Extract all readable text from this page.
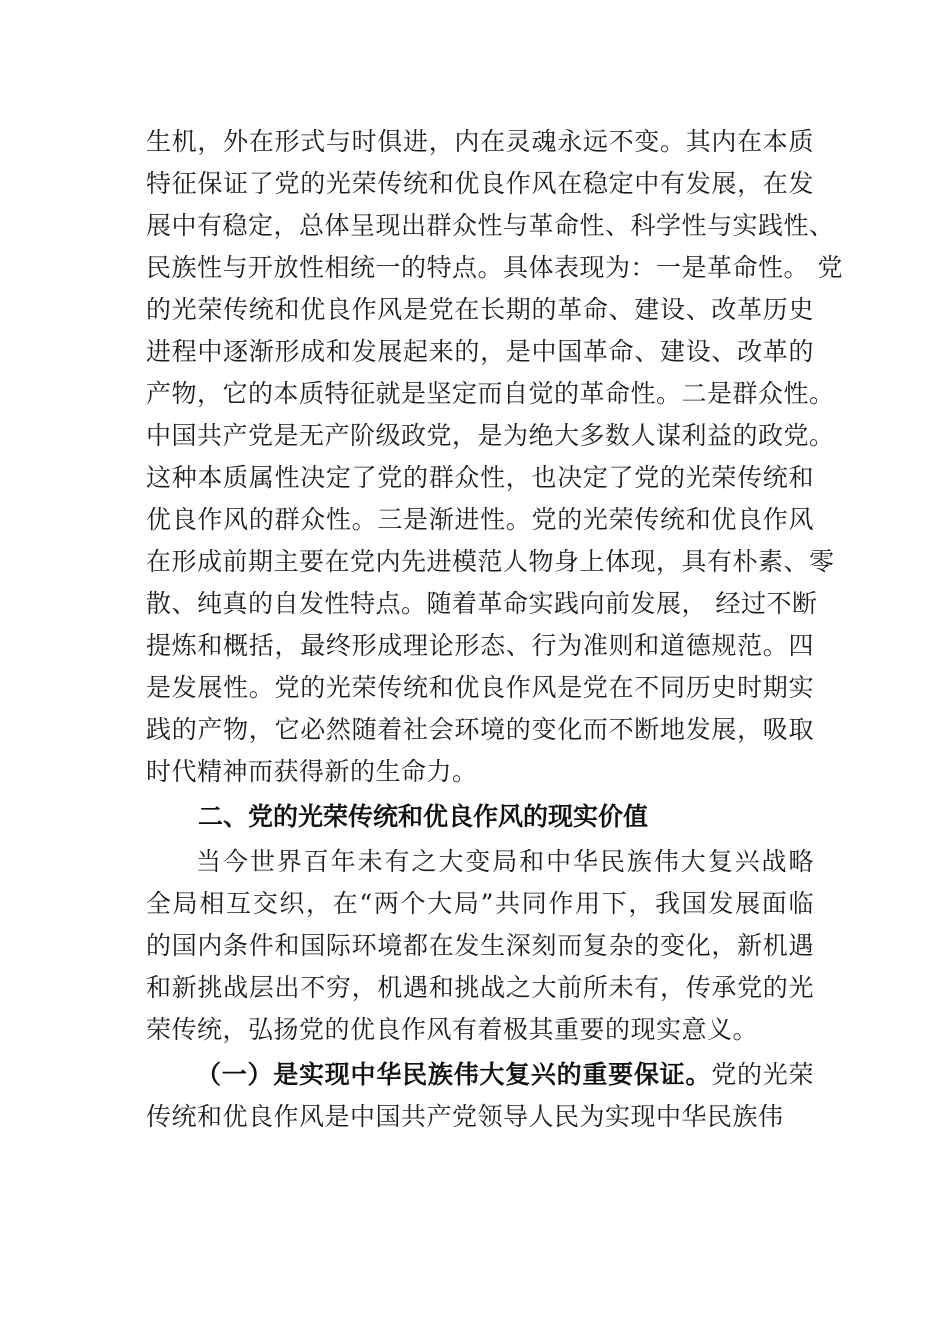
生机，外在形式与时俱进，内在灵魂永远不变。其内在本质
特征保证了党的光荣传统和优良作风在稳定中有发展，在发
展中有稳定，总体呈现出群众性与革命性、科学性与实践性、
民族性与开放性相统一的特点。具体表现为：一是革命性。 党
的光荣传统和优良作风是党在长期的革命、建设、改革历史
进程中逐渐形成和发展起来的，是中国革命、建设、改革的
产物，它的本质特征就是坚定而自觉的革命性。二是群众性。
中国共产党是无产阶级政党，是为绝大多数人谋利益的政党。
这种本质属性决定了党的群众性，也决定了党的光荣传统和
优良作风的群众性。三是渐进性。党的光荣传统和优良作风
在形成前期主要在党内先进模范人物身上体现，具有朴素、零
散、纯真的自发性特点。随着革命实践向前发展， 经过不断
提炼和概括，最终形成理论形态、行为准则和道德规范。四
是发展性。党的光荣传统和优良作风是党在不同历史时期实
践的产物，它必然随着社会环境的变化而不断地发展，吸取
时代精神而获得新的生命力。
二、党的光荣传统和优良作风的现实价值
当今世界百年未有之大变局和中华民族伟大复兴战略
全局相互交织，在“两个大局”共同作用下，我国发展面临
的国内条件和国际环境都在发生深刻而复杂的变化，新机遇
和新挑战层出不穷，机遇和挑战之大前所未有，传承党的光
荣传统，弘扬党的优良作风有着极其重要的现实意义。
（一）是实现中华民族伟大复兴的重要保证。党的光荣
传统和优良作风是中国共产党领导人民为实现中华民族伟
